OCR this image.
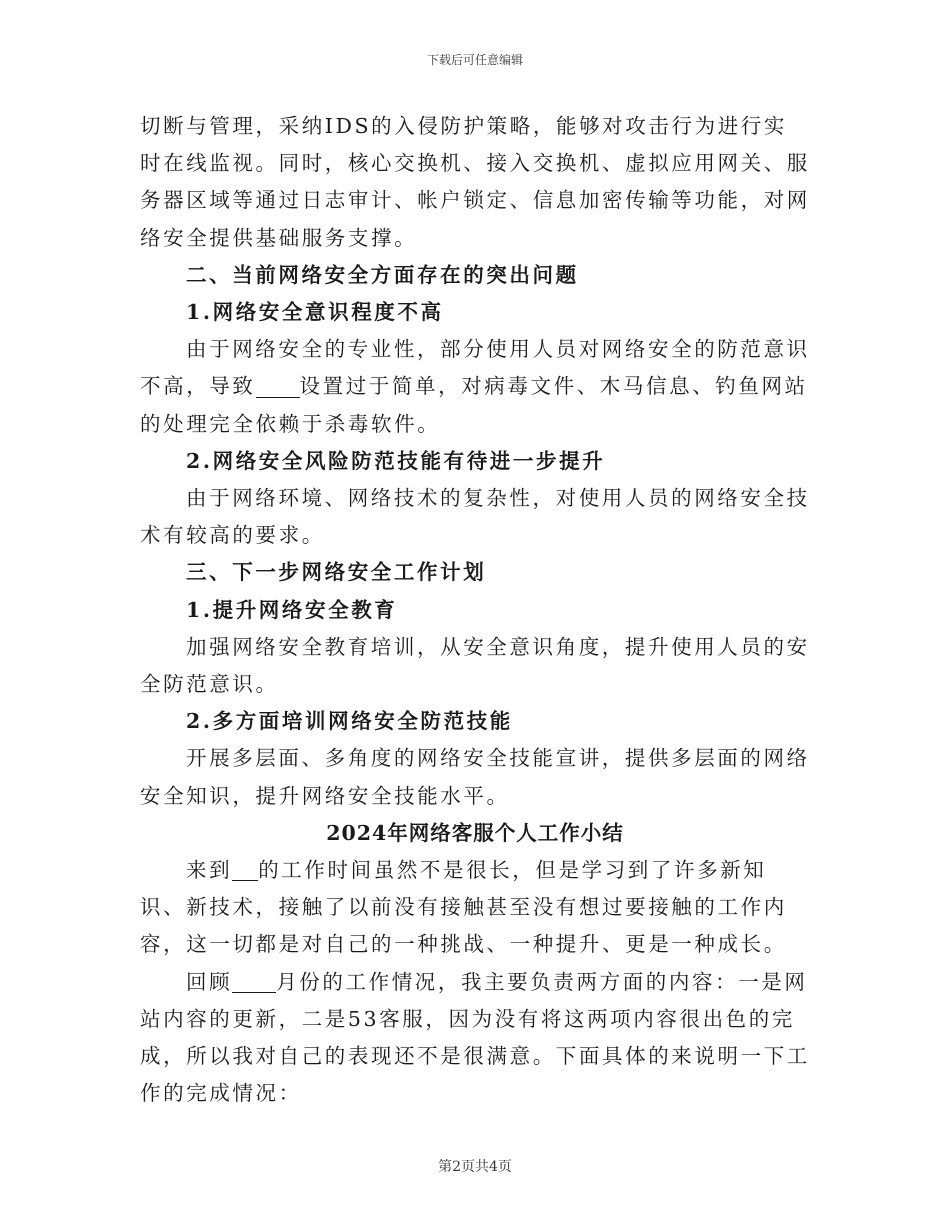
下载后可任意编辑

切断与管理，采纳IDS的入侵防护策略，能够对攻击行为进行实时在线监视。同时，核心交换机、接入交换机、虚拟应用网关、服务器区域等通过日志审计、帐户锁定、信息加密传输等功能，对网络安全提供基础服务支撑。

二、当前网络安全方面存在的突出问题

1.网络安全意识程度不高

由于网络安全的专业性，部分使用人员对网络安全的防范意识不高，导致 设置过于简单，对病毒文件、木马信息、钓鱼网站的处理完全依赖于杀毒软件。

2.网络安全风险防范技能有待进一步提升

由于网络环境、网络技术的复杂性，对使用人员的网络安全技术有较高的要求。

三、下一步网络安全工作计划

1.提升网络安全教育

加强网络安全教育培训，从安全意识角度，提升使用人员的安全防范意识。

2.多方面培训网络安全防范技能

开展多层面、多角度的网络安全技能宣讲，提供多层面的网络安全知识，提升网络安全技能水平。

2024年网络客服个人工作小结

来到 的工作时间虽然不是很长，但是学习到了许多新知识、新技术，接触了以前没有接触甚至没有想过要接触的工作内容，这一切都是对自己的一种挑战、一种提升、更是一种成长。

回顾 月份的工作情况，我主要负责两方面的内容：一是网站内容的更新，二是53客服，因为没有将这两项内容很出色的完成，所以我对自己的表现还不是很满意。下面具体的来说明一下工作的完成情况：

第2页共4页
